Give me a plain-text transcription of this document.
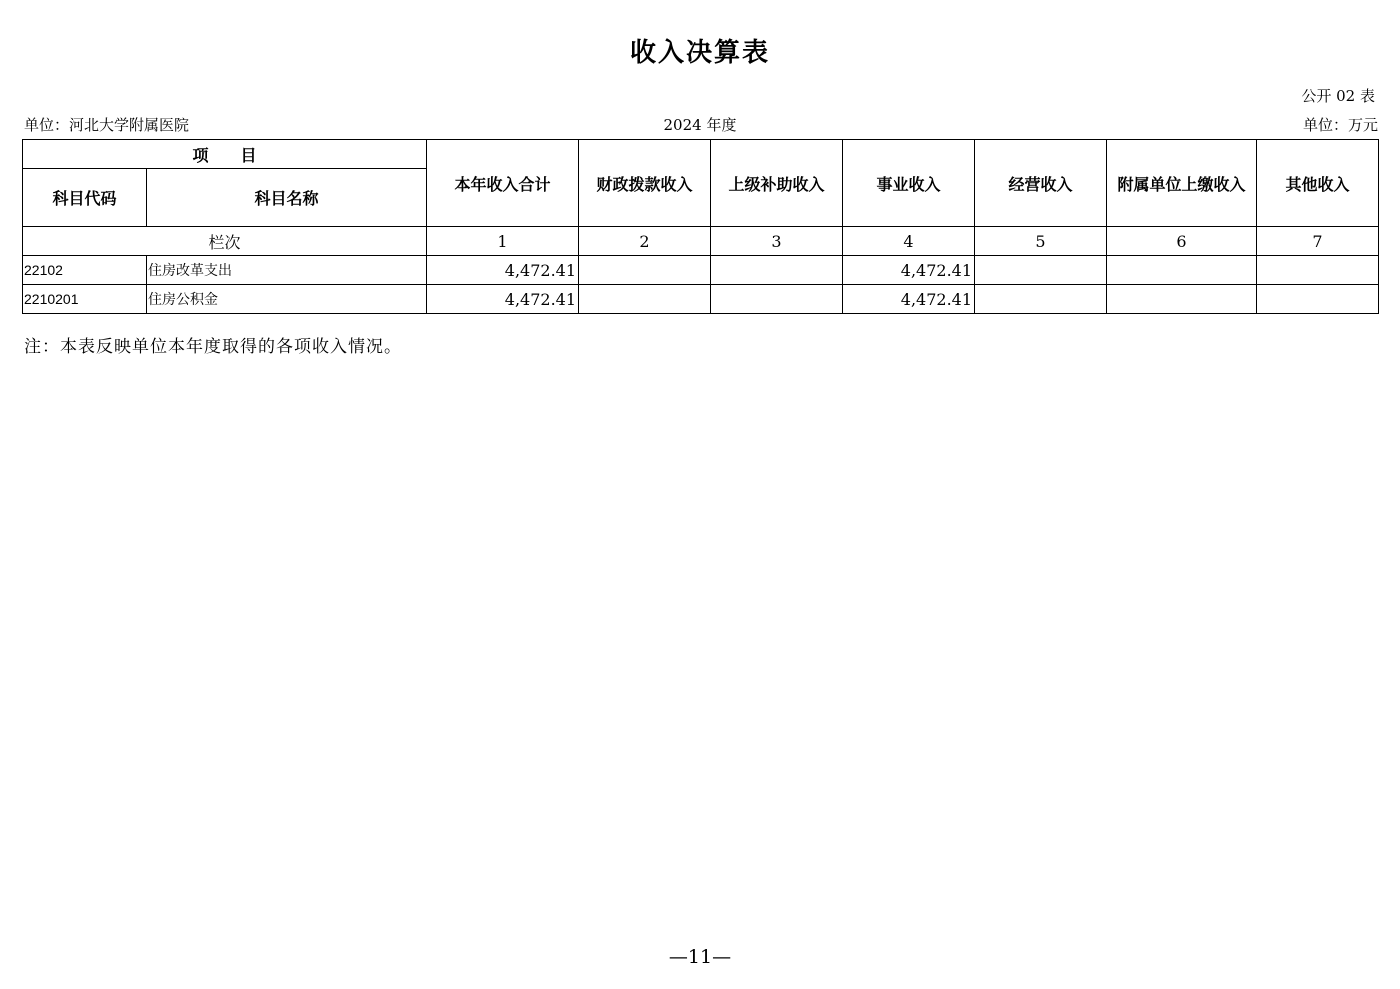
收入决算表
公开 02 表
单位：河北大学附属医院	2024 年度	单位：万元
项　　目		本年收入合计	财政拨款收入	上级补助收入	事业收入	经营收入	附属单位上缴收入	其他收入
科目代码	科目名称							
栏次		1	2	3	4	5	6	7
22102	住房改革支出	4,472.41			4,472.41			
2210201	住房公积金	4,472.41			4,472.41			
注：本表反映单位本年度取得的各项收入情况。
—11—
